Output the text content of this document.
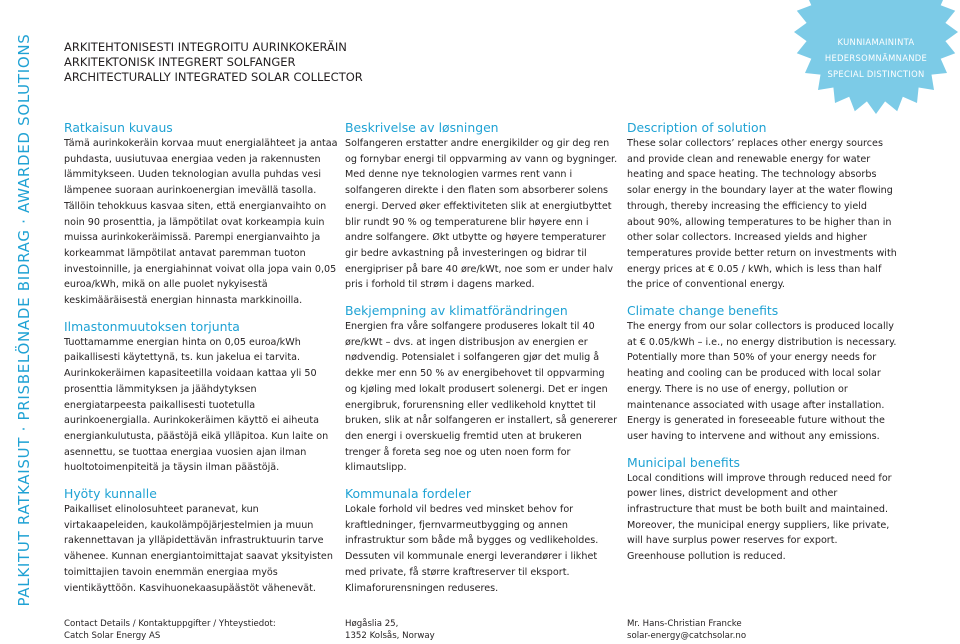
PALKITUT RATKAISUT · PRISBELÖNADE BIDRAG · AWARDED SOLUTIONS	ARKITEHTONISESTI INTEGROITU AURINKOKERÄIN
ARKITEKTONISK INTEGRERT SOLFANGER
ARCHITECTURALLY INTEGRATED SOLAR COLLECTOR
KUNNIAMAININTA
HEDERSOMNÄMNANDE
SPECIAL DISTINCTION
Ratkaisun kuvaus

Tämä aurinkokeräin korvaa muut energialähteet ja antaa puhdasta, uusiutuvaa energiaa veden ja rakennusten lämmitykseen. Uuden teknologian avulla puhdas vesi lämpenee suoraan aurinkoenergian imevällä tasolla. Tällöin tehokkuus kasvaa siten, että energianvaihto on noin 90 prosenttia, ja lämpötilat ovat korkeampia kuin muissa aurinkokeräimissä. Parempi energianvaihto ja korkeammat lämpötilat antavat paremman tuoton investoinnille, ja energiahinnat voivat olla jopa vain 0,05 euroa/kWh, mikä on alle puolet nykyisestä keskimääräisestä energian hinnasta markkinoilla.

Ilmastonmuutoksen torjunta

Tuottamamme energian hinta on 0,05 euroa/kWh paikallisesti käytettynä, ts. kun jakelua ei tarvita. Aurinkokeräimen kapasiteetilla voidaan kattaa yli 50 prosenttia lämmityksen ja jäähdytyksen energiatarpeesta paikallisesti tuotetulla aurinkoenergialla. Aurinkokeräimen käyttö ei aiheuta energiankulutusta, päästöjä eikä ylläpitoa. Kun laite on asennettu, se tuottaa energiaa vuosien ajan ilman huoltotoimenpiteitä ja täysin ilman päästöjä.

Hyöty kunnalle

Paikalliset elinolosuhteet paranevat, kun virtakaapeleiden, kaukolämpöjärjestelmien ja muun rakennettavan ja ylläpidettävän infrastruktuurin tarve vähenee. Kunnan energiantoimittajat saavat yksityisten toimittajien tavoin enemmän energiaa myös vientikäyttöön. Kasvihuonekaasupäästöt vähenevät.

Beskrivelse av løsningen

Solfangeren erstatter andre energikilder og gir deg ren og fornybar energi til oppvarming av vann og bygninger. Med denne nye teknologien varmes rent vann i solfangeren direkte i den flaten som absorberer solens energi. Derved øker effektiviteten slik at energiutbyttet blir rundt 90 % og temperaturene blir høyere enn i andre solfangere. Økt utbytte og høyere temperaturer gir bedre avkastning på investeringen og bidrar til energipriser på bare 40 øre/kWt, noe som er under halv pris i forhold til strøm i dagens marked.

Bekjempning av klimatförändringen

Energien fra våre solfangere produseres lokalt til 40 øre/kWt – dvs. at ingen distribusjon av energien er nødvendig. Potensialet i solfangeren gjør det mulig å dekke mer enn 50 % av energibehovet til oppvarming og kjøling med lokalt produsert solenergi. Det er ingen energibruk, forurensning eller vedlikehold knyttet til bruken, slik at når solfangeren er installert, så genererer den energi i overskuelig fremtid uten at brukeren trenger å foreta seg noe og uten noen form for klimautslipp.

Kommunala fordeler

Lokale forhold vil bedres ved minsket behov for kraftledninger, fjernvarmeutbygging og annen infrastruktur som både må bygges og vedlikeholdes. Dessuten vil kommunale energi leverandører i likhet med private, få større kraftreserver til eksport. Klimaforurensningen reduseres.

Description of solution

These solar collectors’ replaces other energy sources and provide clean and renewable energy for water heating and space heating. The technology absorbs solar energy in the boundary layer at the water flowing through, thereby increasing the efficiency to yield about 90%, allowing temperatures to be higher than in other solar collectors. Increased yields and higher temperatures provide better return on investments with energy prices at € 0.05 / kWh, which is less than half the price of conventional energy.

Climate change benefits

The energy from our solar collectors is produced locally at € 0.05/kWh – i.e., no energy distribution is necessary. Potentially more than 50% of your energy needs for heating and cooling can be produced with local solar energy. There is no use of energy, pollution or maintenance associated with usage after installation. Energy is generated in foreseeable future without the user having to intervene and without any emissions.

Municipal benefits

Local conditions will improve through reduced need for power lines, district development and other infrastructure that must be both built and maintained. Moreover, the municipal energy suppliers, like private, will have surplus power reserves for export. Greenhouse pollution is reduced.

Contact Details / Kontaktuppgifter / Yhteystiedot:
Catch Solar Energy AS
Høgåslia 25,
1352 Kolsås, Norway
Mr. Hans-Christian Francke
solar-energy@catchsolar.no
